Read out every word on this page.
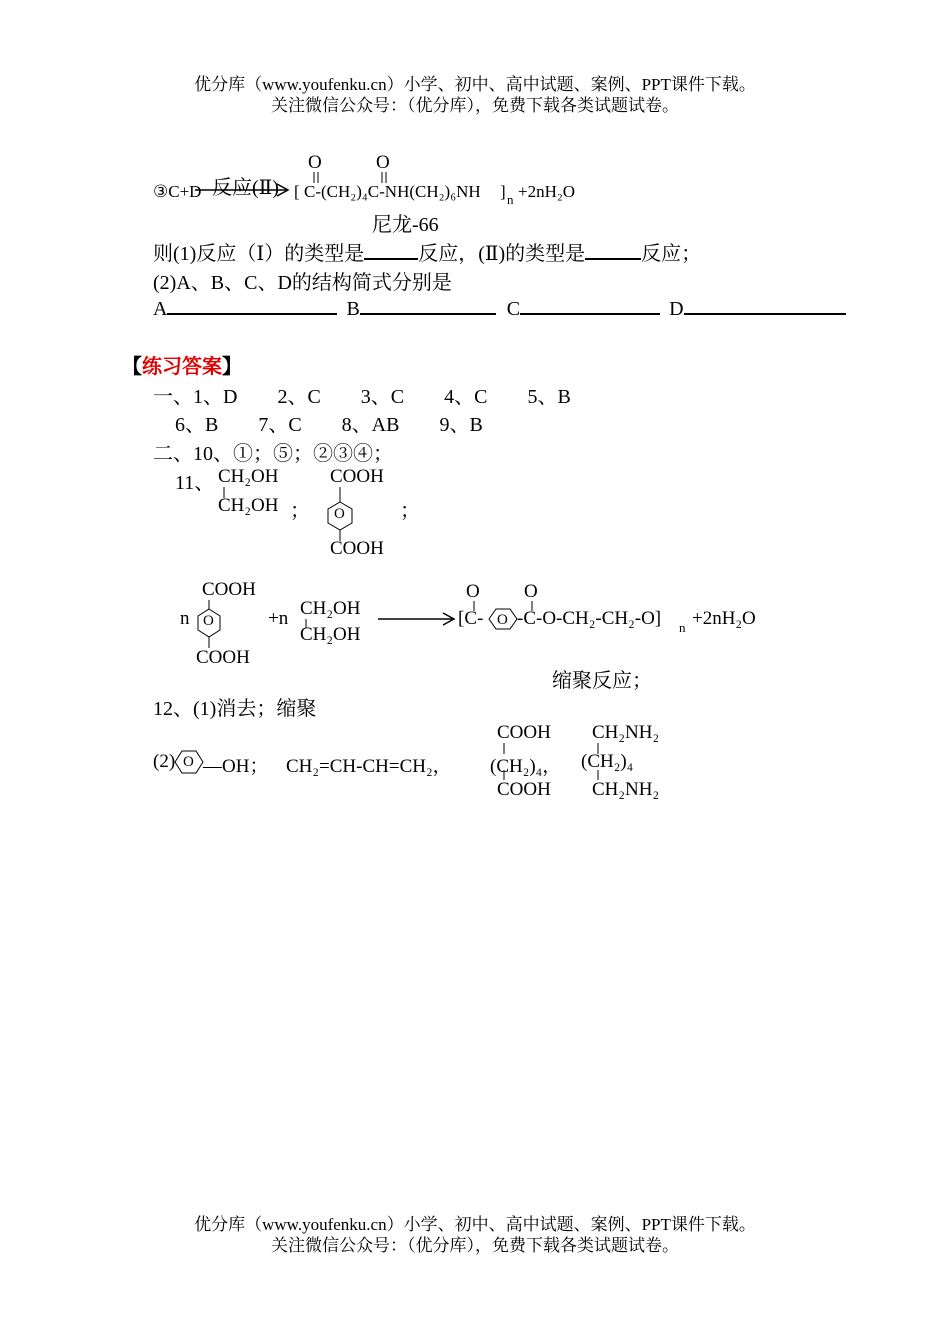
优分库（www.youfenku.cn）小学、初中、高中试题、案例、PPT课件下载。
关注微信公众号：（优分库），免费下载各类试题试卷。
③C+D 反应(Ⅱ)
O	O
[ C-(CH₂)₄C-NH(CH₂)₆NH ] n +2nH₂O
尼龙-66
则(1)反应（Ⅰ）的类型是	反应，(Ⅱ)的类型是	反应；
(2)A、B、C、D的结构简式分别是
A	B	C	D
【练习答案】
一、1、D　　2、C　　3、C　　4、C　　5、B
6、B　　7、C　　8、AB　　9、B
二、10、①；⑤；②③④；
11、 CH₂OH
CH₂OH ；
COOH
O
COOH
；
n
COOH
O
COOH
+n CH₂OH
CH₂OH
O O
[C- O -C-O-CH₂-CH₂-O] n +2nH₂O
缩聚反应；
12、(1)消去；缩聚
(2) O —OH； CH₂=CH-CH=CH₂，
COOH
(CH₂)₄，
COOH
CH₂NH₂
(CH₂)₄
CH₂NH₂
优分库（www.youfenku.cn）小学、初中、高中试题、案例、PPT课件下载。
关注微信公众号：（优分库），免费下载各类试题试卷。
